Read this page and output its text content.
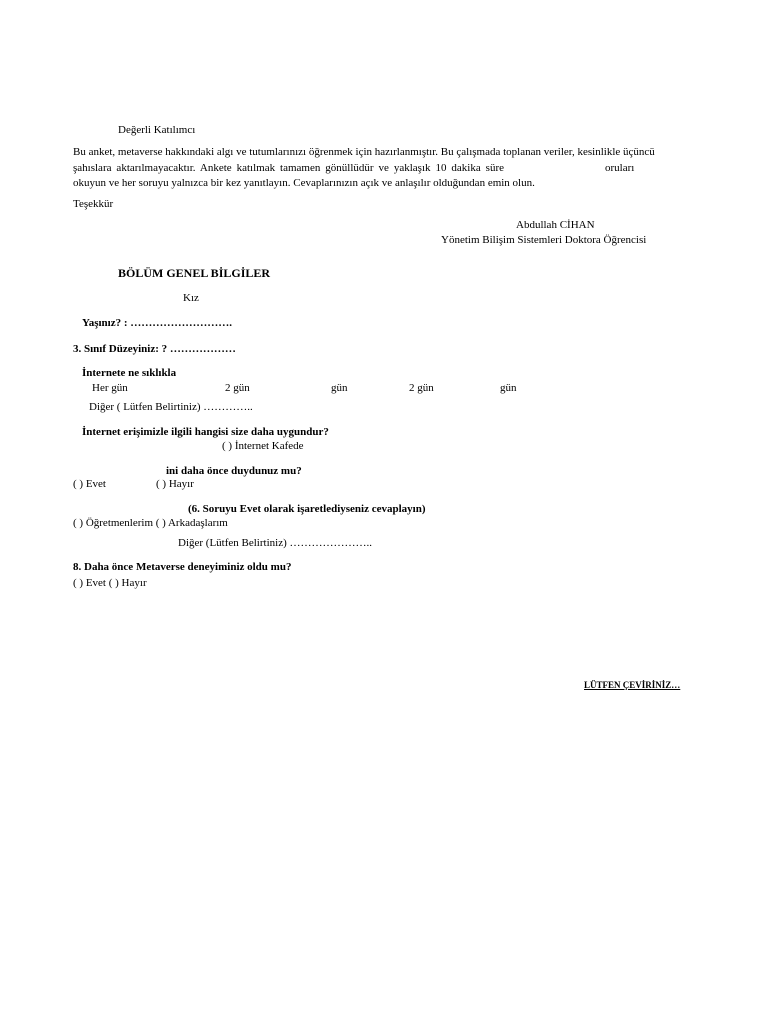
Değerli Katılımcı
Bu anket, metaverse hakkındaki algı ve tutumlarınızı öğrenmek için hazırlanmıştır. Bu çalışmada toplanan veriler, kesinlikle üçüncü
şahıslara aktarılmayacaktır. Ankete katılmak tamamen gönüllüdür ve yaklaşık 10 dakika süre	oruları
okuyun ve her soruyu yalnızca bir kez yanıtlayın. Cevaplarınızın açık ve anlaşılır olduğundan emin olun.
Teşekkür
Abdullah CİHAN
Yönetim Bilişim Sistemleri Doktora Öğrencisi
BÖLÜM GENEL BİLGİLER
Kız
Yaşınız? : ……………………….
3. Sınıf Düzeyiniz: ? ………………
İnternete ne sıklıkla
Her gün	2 gün	gün	2 gün	gün
Diğer ( Lütfen Belirtiniz) …………..
İnternet erişimizle ilgili hangisi size daha uygundur?
( ) İnternet Kafede
ini daha önce duydunuz mu?
( ) Evet	( ) Hayır
(6. Soruyu Evet olarak işaretlediyseniz cevaplayın)
( ) Öğretmenlerim ( ) Arkadaşlarım
Diğer (Lütfen Belirtiniz) …………………..
8. Daha önce Metaverse deneyiminiz oldu mu?
( ) Evet ( ) Hayır
LÜTFEN ÇEVİRİNİZ…
